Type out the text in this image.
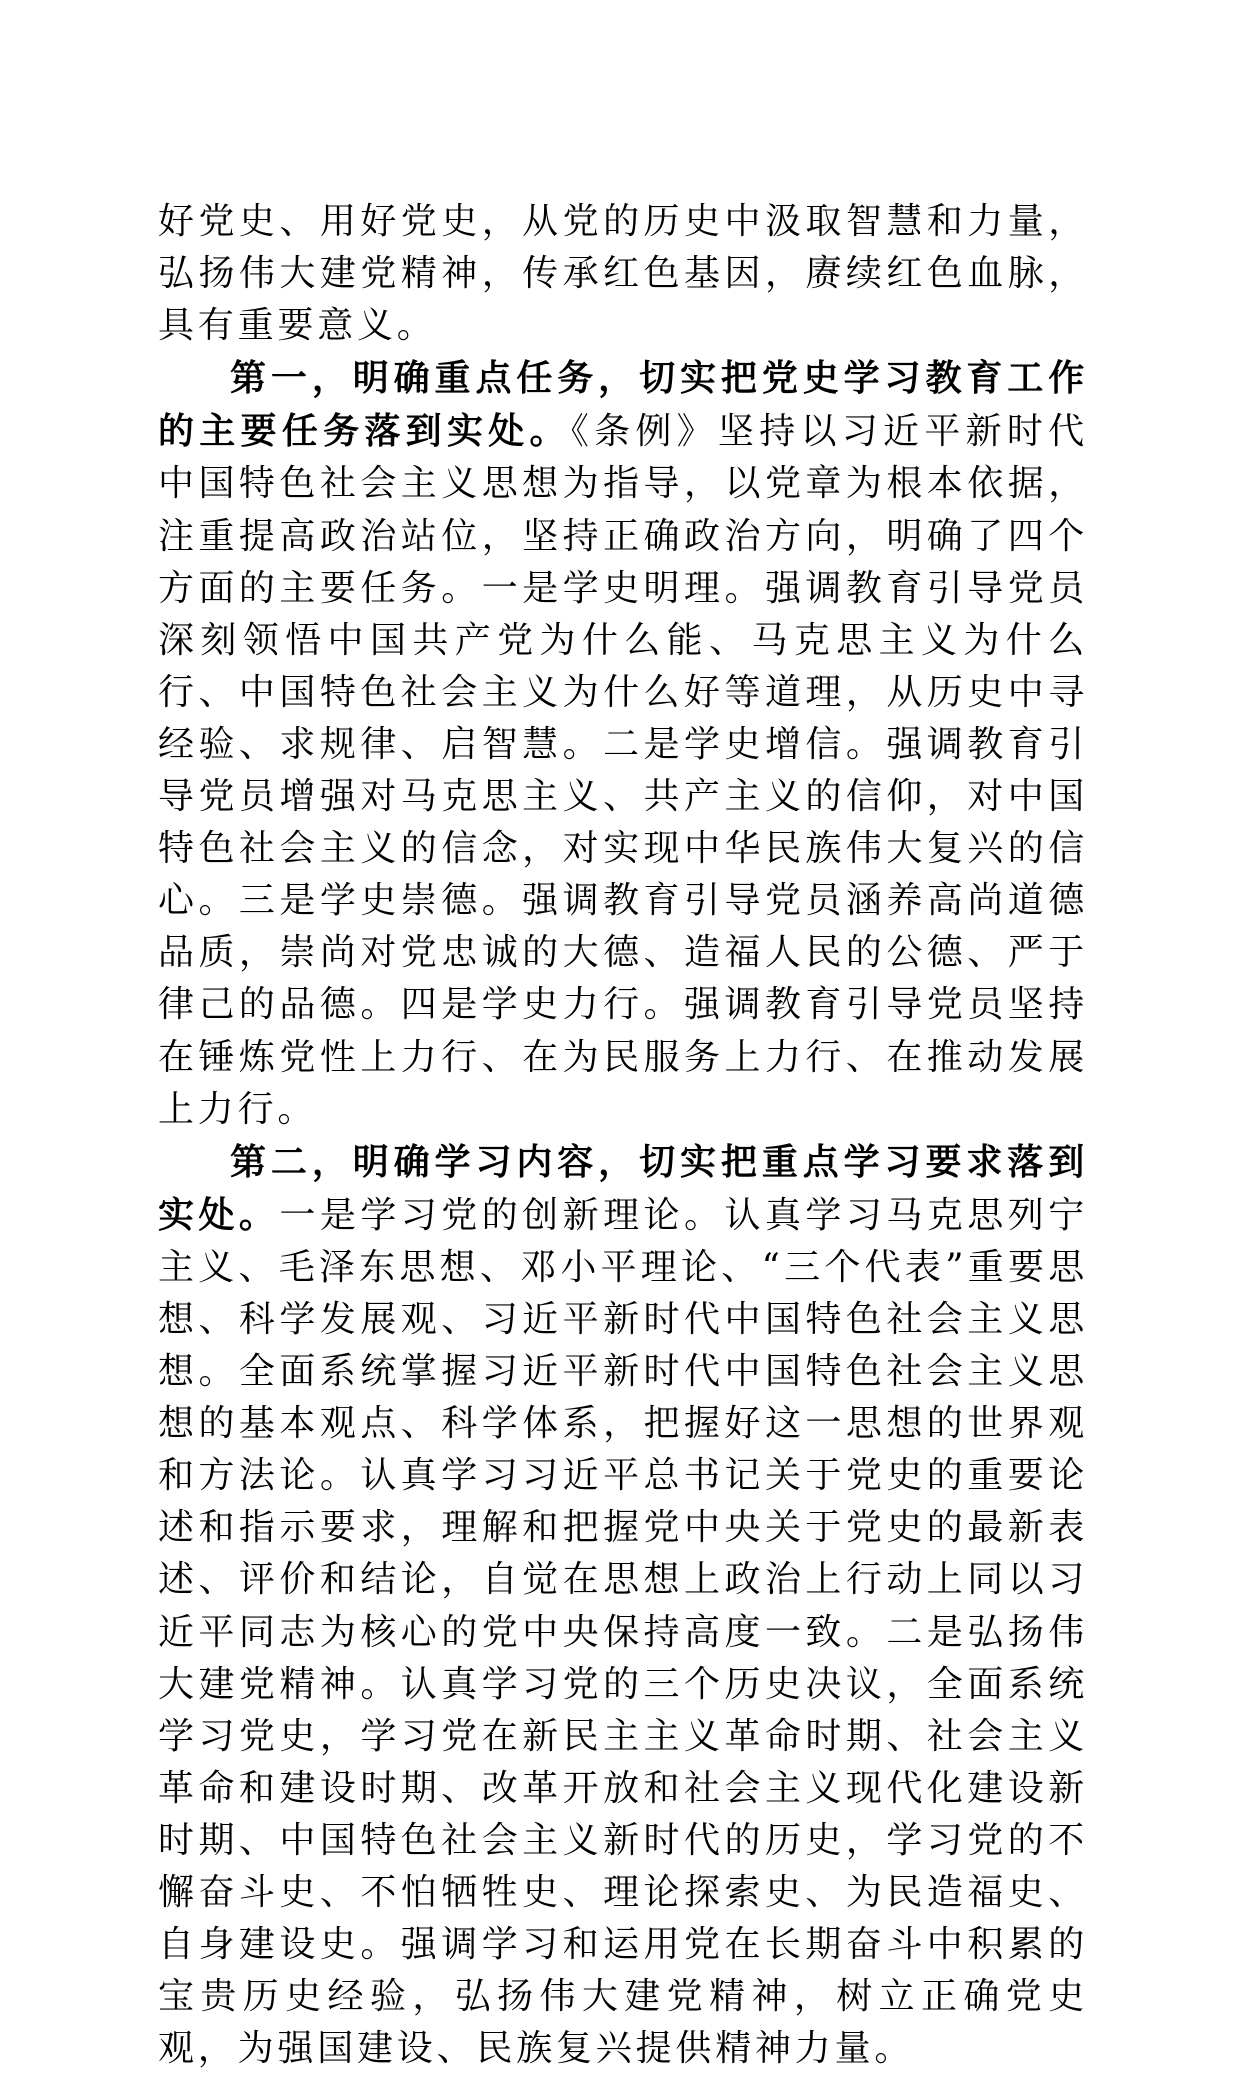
好党史、用好党史，从党的历史中汲取智慧和力量，弘扬伟大建党精神，传承红色基因，赓续红色血脉，具有重要意义。

第一，明确重点任务，切实把党史学习教育工作的主要任务落到实处。《条例》坚持以习近平新时代中国特色社会主义思想为指导，以党章为根本依据，注重提高政治站位，坚持正确政治方向，明确了四个方面的主要任务。一是学史明理。强调教育引导党员深刻领悟中国共产党为什么能、马克思主义为什么行、中国特色社会主义为什么好等道理，从历史中寻经验、求规律、启智慧。二是学史增信。强调教育引导党员增强对马克思主义、共产主义的信仰，对中国特色社会主义的信念，对实现中华民族伟大复兴的信心。三是学史崇德。强调教育引导党员涵养高尚道德品质，崇尚对党忠诚的大德、造福人民的公德、严于律己的品德。四是学史力行。强调教育引导党员坚持在锤炼党性上力行、在为民服务上力行、在推动发展上力行。

第二，明确学习内容，切实把重点学习要求落到实处。一是学习党的创新理论。认真学习马克思列宁主义、毛泽东思想、邓小平理论、“三个代表”重要思想、科学发展观、习近平新时代中国特色社会主义思想。全面系统掌握习近平新时代中国特色社会主义思想的基本观点、科学体系，把握好这一思想的世界观和方法论。认真学习习近平总书记关于党史的重要论述和指示要求，理解和把握党中央关于党史的最新表述、评价和结论，自觉在思想上政治上行动上同以习近平同志为核心的党中央保持高度一致。二是弘扬伟大建党精神。认真学习党的三个历史决议，全面系统学习党史，学习党在新民主主义革命时期、社会主义革命和建设时期、改革开放和社会主义现代化建设新时期、中国特色社会主义新时代的历史，学习党的不懈奋斗史、不怕牺牲史、理论探索史、为民造福史、自身建设史。强调学习和运用党在长期奋斗中积累的宝贵历史经验，弘扬伟大建党精神，树立正确党史观，为强国建设、民族复兴提供精神力量。
